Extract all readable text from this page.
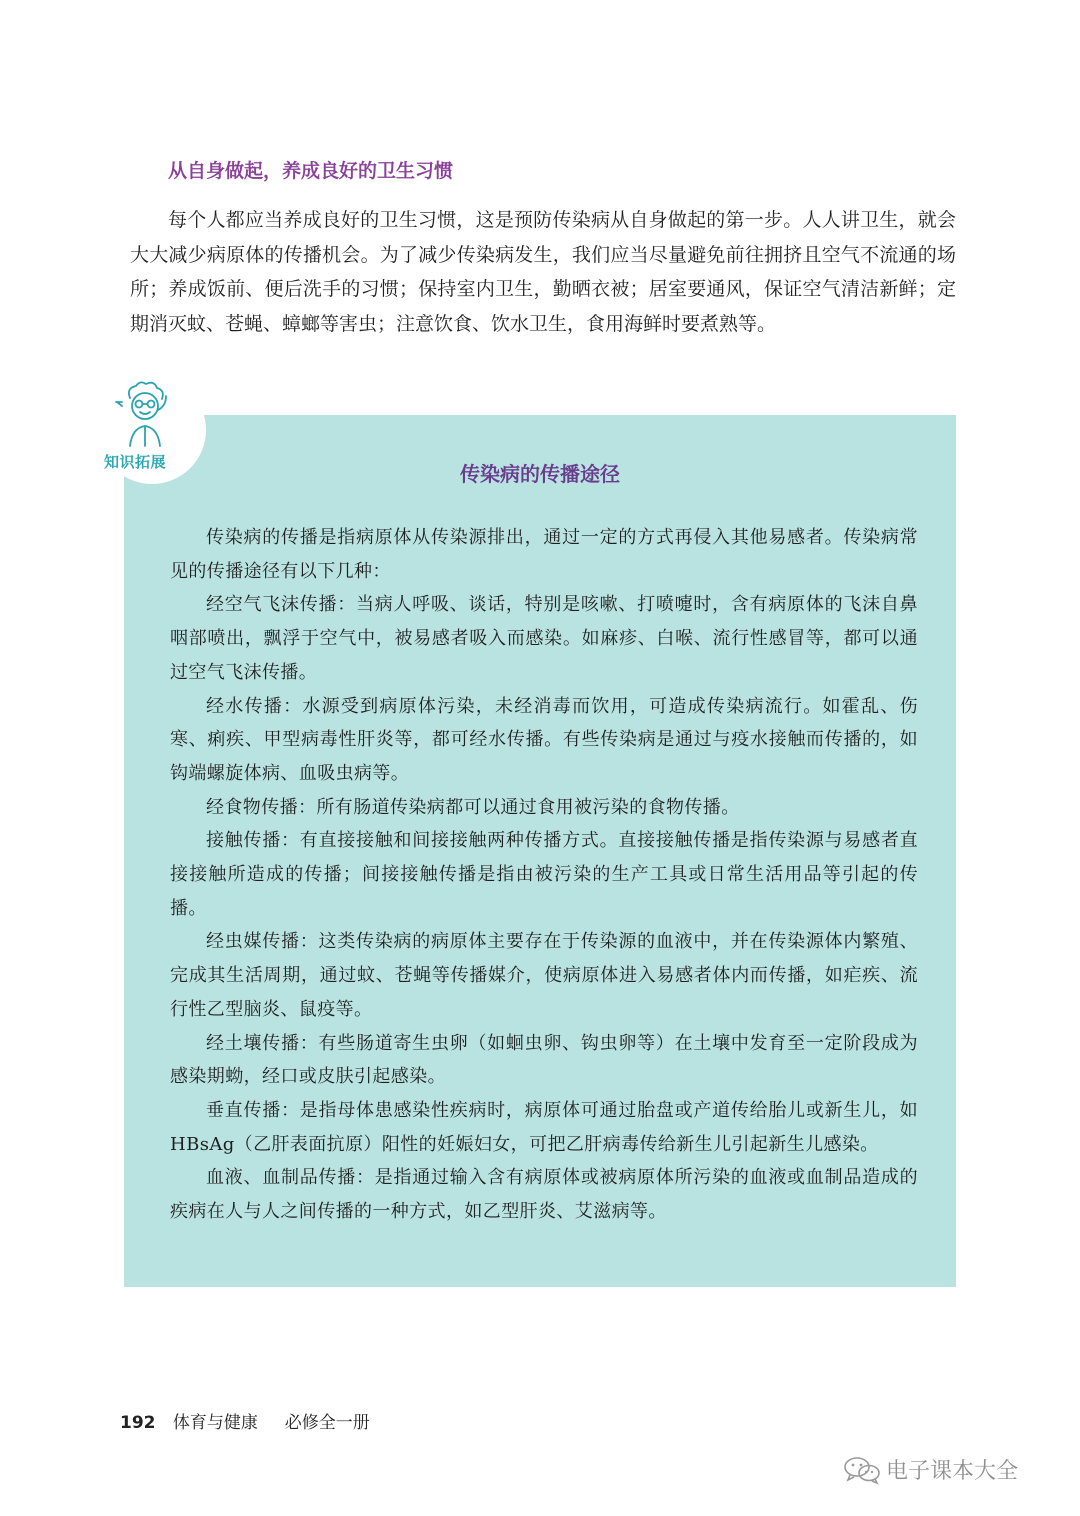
从自身做起，养成良好的卫生习惯

每个人都应当养成良好的卫生习惯，这是预防传染病从自身做起的第一步。人人讲卫生，就会大大减少病原体的传播机会。为了减少传染病发生，我们应当尽量避免前往拥挤且空气不流通的场所；养成饭前、便后洗手的习惯；保持室内卫生，勤晒衣被；居室要通风，保证空气清洁新鲜；定期消灭蚊、苍蝇、蟑螂等害虫；注意饮食、饮水卫生，食用海鲜时要煮熟等。

知识拓展	传染病的传播途径

传染病的传播是指病原体从传染源排出，通过一定的方式再侵入其他易感者。传染病常见的传播途径有以下几种：

经空气飞沫传播：当病人呼吸、谈话，特别是咳嗽、打喷嚏时，含有病原体的飞沫自鼻咽部喷出，飘浮于空气中，被易感者吸入而感染。如麻疹、白喉、流行性感冒等，都可以通过空气飞沫传播。

经水传播：水源受到病原体污染，未经消毒而饮用，可造成传染病流行。如霍乱、伤寒、痢疾、甲型病毒性肝炎等，都可经水传播。有些传染病是通过与疫水接触而传播的，如钩端螺旋体病、血吸虫病等。

经食物传播：所有肠道传染病都可以通过食用被污染的食物传播。

接触传播：有直接接触和间接接触两种传播方式。直接接触传播是指传染源与易感者直接接触所造成的传播；间接接触传播是指由被污染的生产工具或日常生活用品等引起的传播。

经虫媒传播：这类传染病的病原体主要存在于传染源的血液中，并在传染源体内繁殖、完成其生活周期，通过蚊、苍蝇等传播媒介，使病原体进入易感者体内而传播，如疟疾、流行性乙型脑炎、鼠疫等。

经土壤传播：有些肠道寄生虫卵（如蛔虫卵、钩虫卵等）在土壤中发育至一定阶段成为感染期蚴，经口或皮肤引起感染。

垂直传播：是指母体患感染性疾病时，病原体可通过胎盘或产道传给胎儿或新生儿，如 HBsAg（乙肝表面抗原）阳性的妊娠妇女，可把乙肝病毒传给新生儿引起新生儿感染。

血液、血制品传播：是指通过输入含有病原体或被病原体所污染的血液或血制品造成的疾病在人与人之间传播的一种方式，如乙型肝炎、艾滋病等。

192 体育与健康 必修全一册
电子课本大全
